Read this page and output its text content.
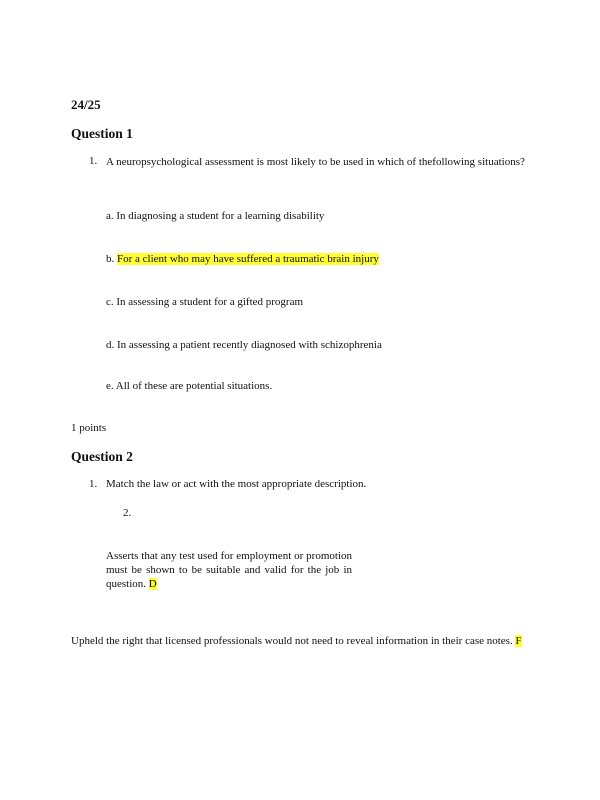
24/25
Question 1
1. A neuropsychological assessment is most likely to be used in which of thefollowing situations?
a. In diagnosing a student for a learning disability
b. For a client who may have suffered a traumatic brain injury
c. In assessing a student for a gifted program
d. In assessing a patient recently diagnosed with schizophrenia
e. All of these are potential situations.
1 points
Question 2
1. Match the law or act with the most appropriate description.
2.
Asserts that any test used for employment or promotion must be shown to be suitable and valid for the job in question. D
Upheld the right that licensed professionals would not need to reveal information in their case notes. F
